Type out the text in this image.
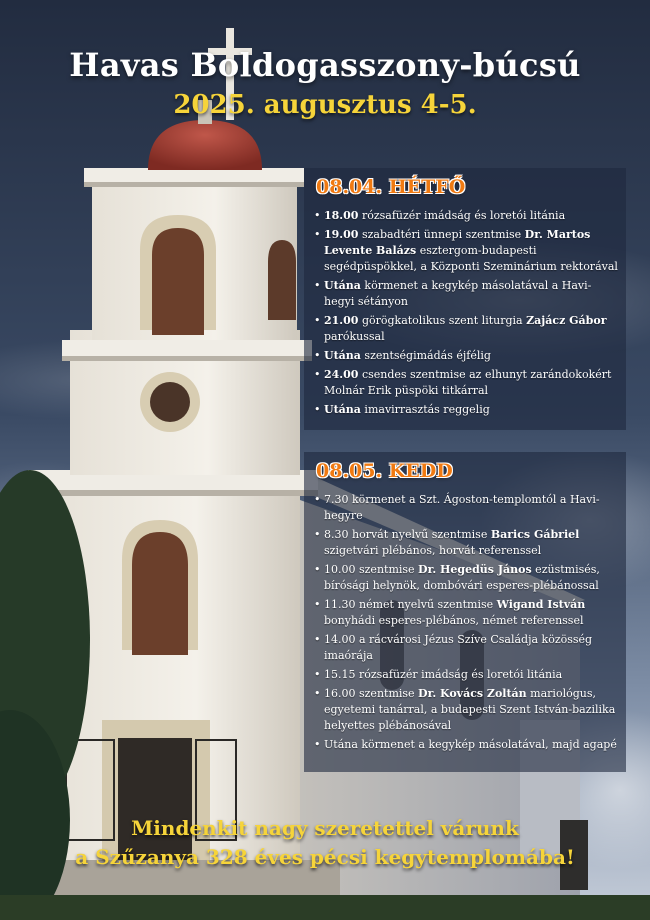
Havas Boldogasszony-búcsú
2025. augusztus 4-5.
08.04. HÉTFŐ
• 18.00 rózsafüzér imádság és loretói litánia
• 19.00 szabadtéri ünnepi szentmise Dr. Martos Levente Balázs esztergom-budapesti segédpüspökkel, a Központi Szeminárium rektorával
• Utána körmenet a kegykép másolatával a Havi-hegyi sétányon
• 21.00 görögkatolikus szent liturgia Zajácz Gábor parókussal
• Utána szentségimádás éjfélig
• 24.00 csendes szentmise az elhunyt zarándokokért Molnár Erik püspöki titkárral
• Utána imavirrasztás reggelig
08.05. KEDD
• 7.30 körmenet a Szt. Ágoston-templomtól a Havi-hegyre
• 8.30 horvát nyelvű szentmise Barics Gábriel szigetvári plébános, horvát referenssel
• 10.00 szentmise Dr. Hegedüs János ezüstmisés, bírósági helynök, dombóvári esperes-plébánossal
• 11.30 német nyelvű szentmise Wigand István bonyhádi esperes-plébános, német referenssel
• 14.00 a rácvárosi Jézus Szíve Családja közösség imaórája
• 15.15 rózsafüzér imádság és loretói litánia
• 16.00 szentmise Dr. Kovács Zoltán mariológus, egyetemi tanárral, a budapesti Szent István-bazilika helyettes plébánosával
• Utána körmenet a kegykép másolatával, majd agapé
Mindenkit nagy szeretettel várunk
a Szűzanya 328 éves pécsi kegytemplomába!
